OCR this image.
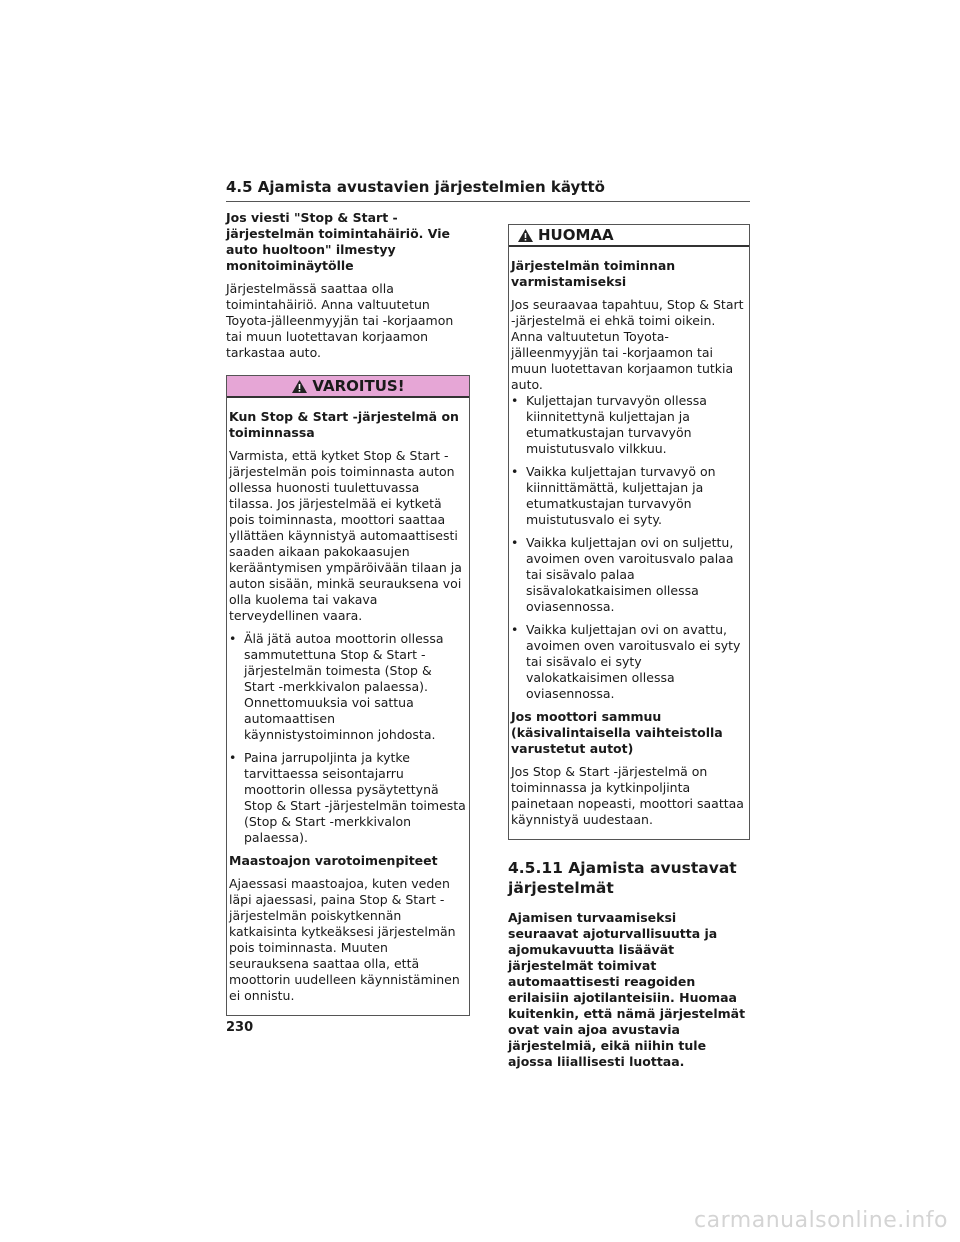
4.5 Ajamista avustavien järjestelmien käyttö

Jos viesti "Stop & Start -järjestelmän toimintahäiriö. Vie auto huoltoon" ilmestyy monitoiminäytölle

Järjestelmässä saattaa olla toimintahäiriö. Anna valtuutetun Toyota-jälleenmyyjän tai -korjaamon tai muun luotettavan korjaamon tarkastaa auto.

VAROITUS!

Kun Stop & Start -järjestelmä on toiminnassa

Varmista, että kytket Stop & Start -järjestelmän pois toiminnasta auton ollessa huonosti tuulettuvassa tilassa. Jos järjestelmää ei kytketä pois toiminnasta, moottori saattaa yllättäen käynnistyä automaattisesti saaden aikaan pakokaasujen kerääntymisen ympäröivään tilaan ja auton sisään, minkä seurauksena voi olla kuolema tai vakava terveydellinen vaara.

• Älä jätä autoa moottorin ollessa sammutettuna Stop & Start -järjestelmän toimesta (Stop & Start -merkkivalon palaessa). Onnettomuuksia voi sattua automaattisen käynnistystoiminnon johdosta.

• Paina jarrupoljinta ja kytke tarvittaessa seisontajarru moottorin ollessa pysäytettynä Stop & Start -järjestelmän toimesta (Stop & Start -merkkivalon palaessa).

Maastoajon varotoimenpiteet

Ajaessasi maastoajoa, kuten veden läpi ajaessasi, paina Stop & Start -järjestelmän poiskytkennän katkaisinta kytkeäksesi järjestelmän pois toiminnasta. Muuten seurauksena saattaa olla, että moottorin uudelleen käynnistäminen ei onnistu.

HUOMAA

Järjestelmän toiminnan varmistamiseksi

Jos seuraavaa tapahtuu, Stop & Start -järjestelmä ei ehkä toimi oikein. Anna valtuutetun Toyota-jälleenmyyjän tai -korjaamon tai muun luotettavan korjaamon tutkia auto.

• Kuljettajan turvavyön ollessa kiinnitettynä kuljettajan ja etumatkustajan turvavyön muistutusvalo vilkkuu.

• Vaikka kuljettajan turvavyö on kiinnittämättä, kuljettajan ja etumatkustajan turvavyön muistutusvalo ei syty.

• Vaikka kuljettajan ovi on suljettu, avoimen oven varoitusvalo palaa tai sisävalo palaa sisävalokatkaisimen ollessa oviasennossa.

• Vaikka kuljettajan ovi on avattu, avoimen oven varoitusvalo ei syty tai sisävalo ei syty valokatkaisimen ollessa oviasennossa.

Jos moottori sammuu (käsivalintaisella vaihteistolla varustetut autot)

Jos Stop & Start -järjestelmä on toiminnassa ja kytkinpoljinta painetaan nopeasti, moottori saattaa käynnistyä uudestaan.

4.5.11 Ajamista avustavat järjestelmät

Ajamisen turvaamiseksi seuraavat ajoturvallisuutta ja ajomukavuutta lisäävät järjestelmät toimivat automaattisesti reagoiden erilaisiin ajotilanteisiin. Huomaa kuitenkin, että nämä järjestelmät ovat vain ajoa avustavia järjestelmiä, eikä niihin tule ajossa liiallisesti luottaa.

230
carmanualsonline.info
